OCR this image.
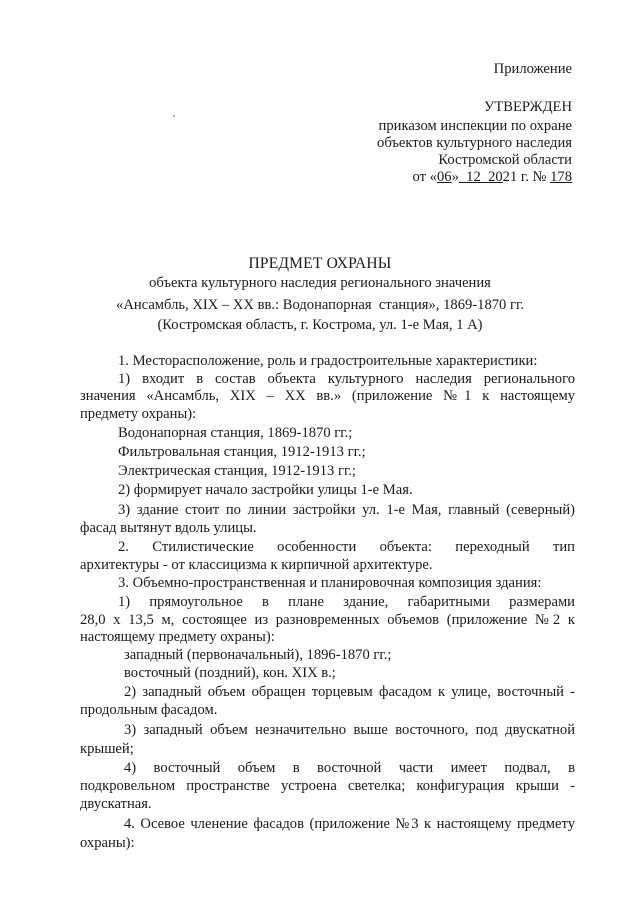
Приложение
УТВЕРЖДЕН
приказом инспекции по охране
объектов культурного наследия
Костромской области
от «06»  12  2021 г. № 178
ПРЕДМЕТ ОХРАНЫ
объекта культурного наследия регионального значения
«Ансамбль, XIX – XX вв.: Водонапорная  станция», 1869-1870 гг.
(Костромская область, г. Кострома, ул. 1-е Мая, 1 А)
1. Месторасположение, роль и градостроительные характеристики:
1) входит в состав объекта культурного наследия регионального
значения «Ансамбль, XIX – XX вв.» (приложение №1 к настоящему
предмету охраны):
Водонапорная станция, 1869-1870 гг.;
Фильтровальная станция, 1912-1913 гг.;
Электрическая станция, 1912-1913 гг.;
2) формирует начало застройки улицы 1-е Мая.
3) здание стоит по линии застройки ул. 1-е Мая, главный (северный)
фасад вытянут вдоль улицы.
2. Стилистические особенности объекта: переходный тип
архитектуры - от классицизма к кирпичной архитектуре.
3. Объемно-пространственная и планировочная композиция здания:
1) прямоугольное в плане здание, габаритными размерами
28,0 х 13,5 м, состоящее из разновременных объемов (приложение №2 к
настоящему предмету охраны):
западный (первоначальный), 1896-1870 гг.;
восточный (поздний), кон. XIX в.;
2) западный объем обращен торцевым фасадом к улице, восточный -
продольным фасадом.
3) западный объем незначительно выше восточного, под двускатной
крышей;
4) восточный объем в восточной части имеет подвал, в
подкровельном пространстве устроена светелка; конфигурация крыши -
двускатная.
4. Осевое членение фасадов (приложение №3 к настоящему предмету
охраны):
